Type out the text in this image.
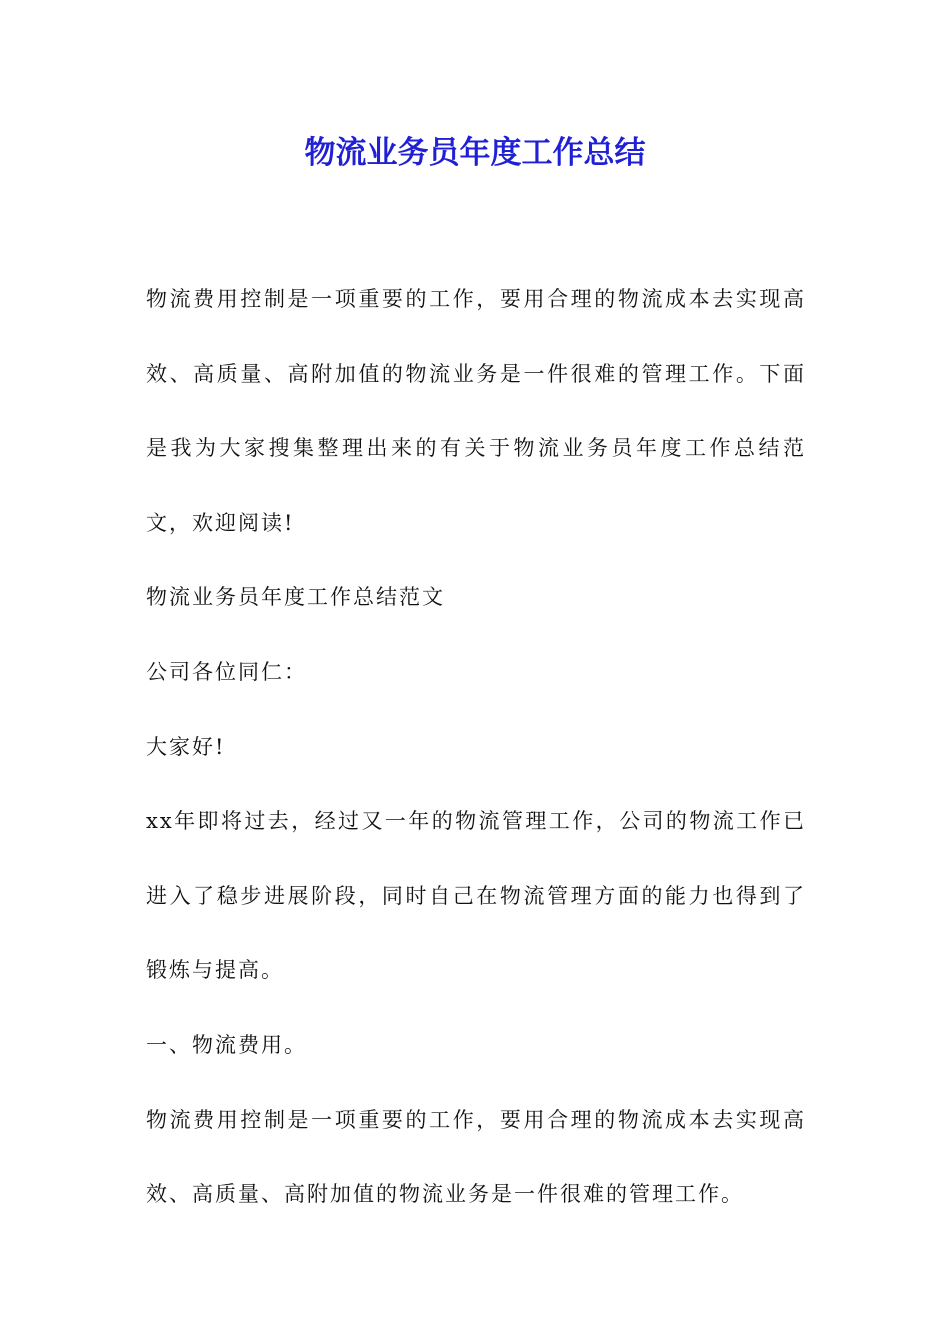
物流业务员年度工作总结

物流费用控制是一项重要的工作，要用合理的物流成本去实现高效、高质量、高附加值的物流业务是一件很难的管理工作。下面是我为大家搜集整理出来的有关于物流业务员年度工作总结范文，欢迎阅读!

物流业务员年度工作总结范文

公司各位同仁：

大家好!

xx年即将过去，经过又一年的物流管理工作，公司的物流工作已进入了稳步进展阶段，同时自己在物流管理方面的能力也得到了锻炼与提高。

一、物流费用。

物流费用控制是一项重要的工作，要用合理的物流成本去实现高效、高质量、高附加值的物流业务是一件很难的管理工作。
